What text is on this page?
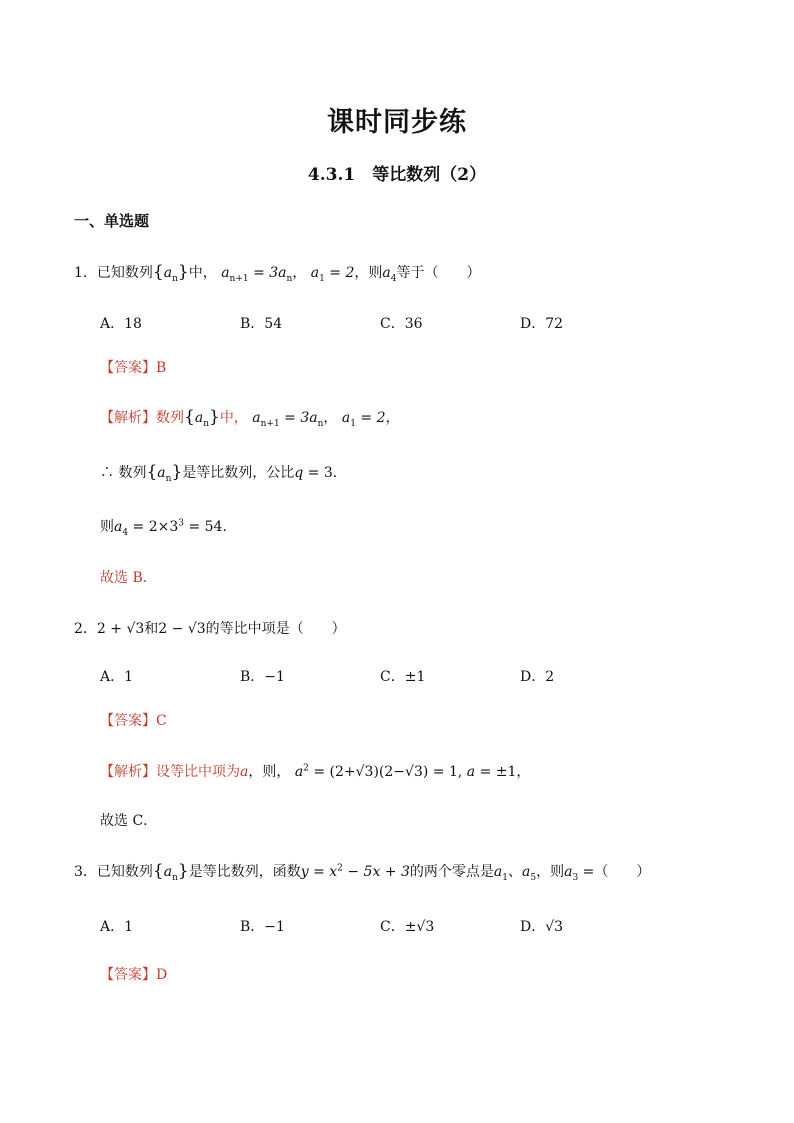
课时同步练
4.3.1　等比数列（2）
一、单选题
1．已知数列$\{a_n\}$中， $a_{n+1} = 3a_n$， $a_1 = 2$，则$a_4$等于（　　）
A．18	B．54	C．36	D．72
【答案】B
【解析】数列$\{a_n\}$中， $a_{n+1} = 3a_n$， $a_1 = 2$，
∴ 数列$\{a_n\}$是等比数列，公比q = 3．
则$a_4 = 2\times 3^3 = 54$．
故选 B．
2．2 + √3和2 − √3的等比中项是（　　）
A．1	B．−1	C．±1	D．2
【答案】C
【解析】设等比中项为a，则， $a^2 = (2+√3)(2-√3) = 1$, a = ±1，
故选 C．
3．已知数列$\{a_n\}$是等比数列，函数$y = x^2 - 5x + 3$的两个零点是$a_1$、$a_5$，则$a_3$ =（　　）
A．1	B．−1	C．±√3	D．√3
【答案】D
